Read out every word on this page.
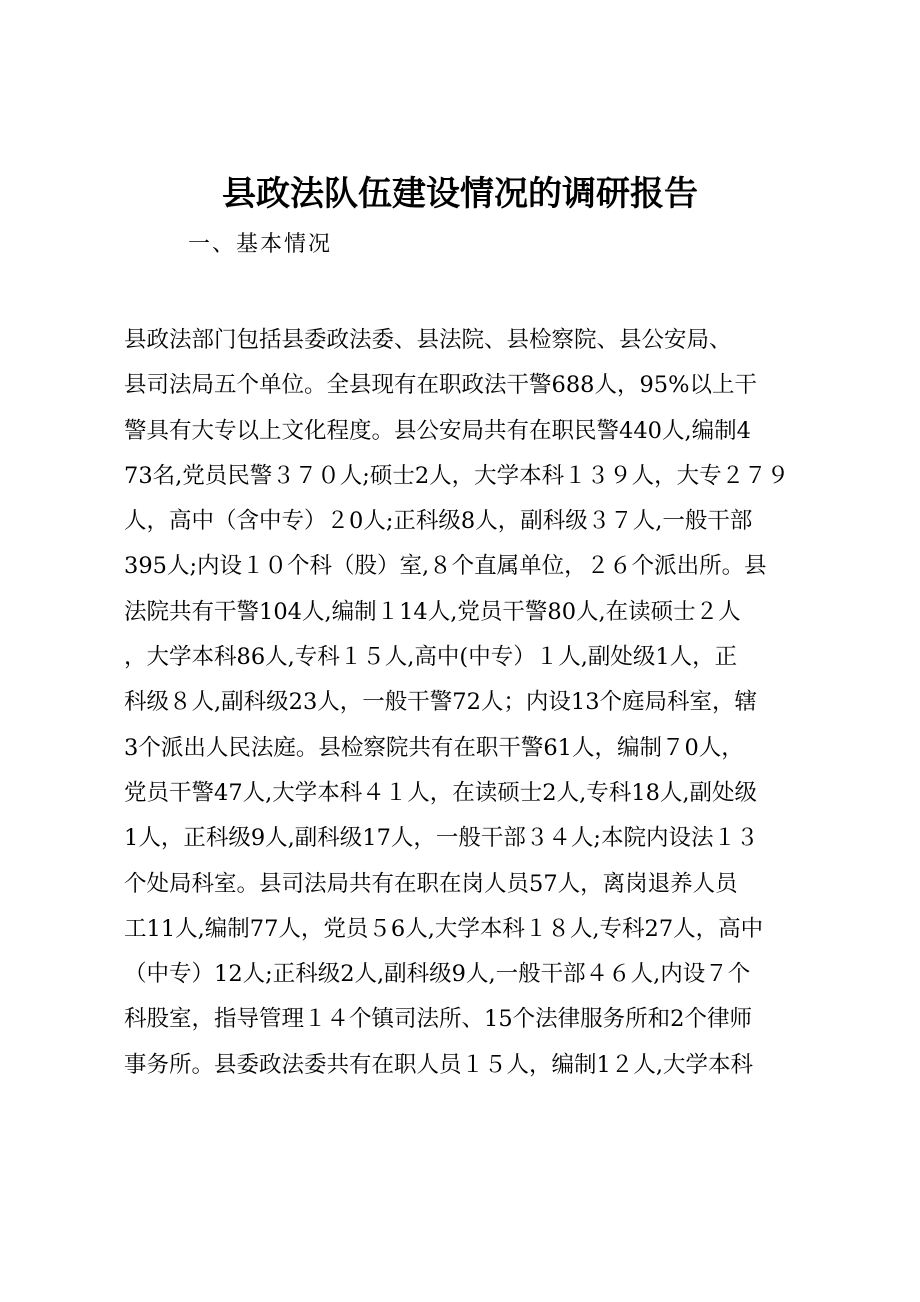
县政法队伍建设情况的调研报告
一、基本情况
县政法部门包括县委政法委、县法院、县检察院、县公安局、
县司法局五个单位。全县现有在职政法干警688人，95%以上干
警具有大专以上文化程度。县公安局共有在职民警440人,编制4
73名,党员民警３７０人;硕士2人，大学本科１３９人，大专２７９
人，高中（含中专）２0人;正科级8人，副科级３７人,一般干部
395人;内设１０个科（股）室,８个直属单位，２６个派出所。县
法院共有干警104人,编制１14人,党员干警80人,在读硕士２人
，大学本科86人,专科１５人,高中(中专）１人,副处级1人，正
科级８人,副科级23人，一般干警72人；内设13个庭局科室，辖
3个派出人民法庭。县检察院共有在职干警61人，编制７0人，
党员干警47人,大学本科４１人，在读硕士2人,专科18人,副处级
1人，正科级9人,副科级17人，一般干部３４人;本院内设法１３
个处局科室。县司法局共有在职在岗人员57人，离岗退养人员
工11人,编制77人，党员５6人,大学本科１８人,专科27人，高中
（中专）12人;正科级2人,副科级9人,一般干部４６人,内设７个
科股室，指导管理１４个镇司法所、15个法律服务所和2个律师
事务所。县委政法委共有在职人员１５人，编制1２人,大学本科
